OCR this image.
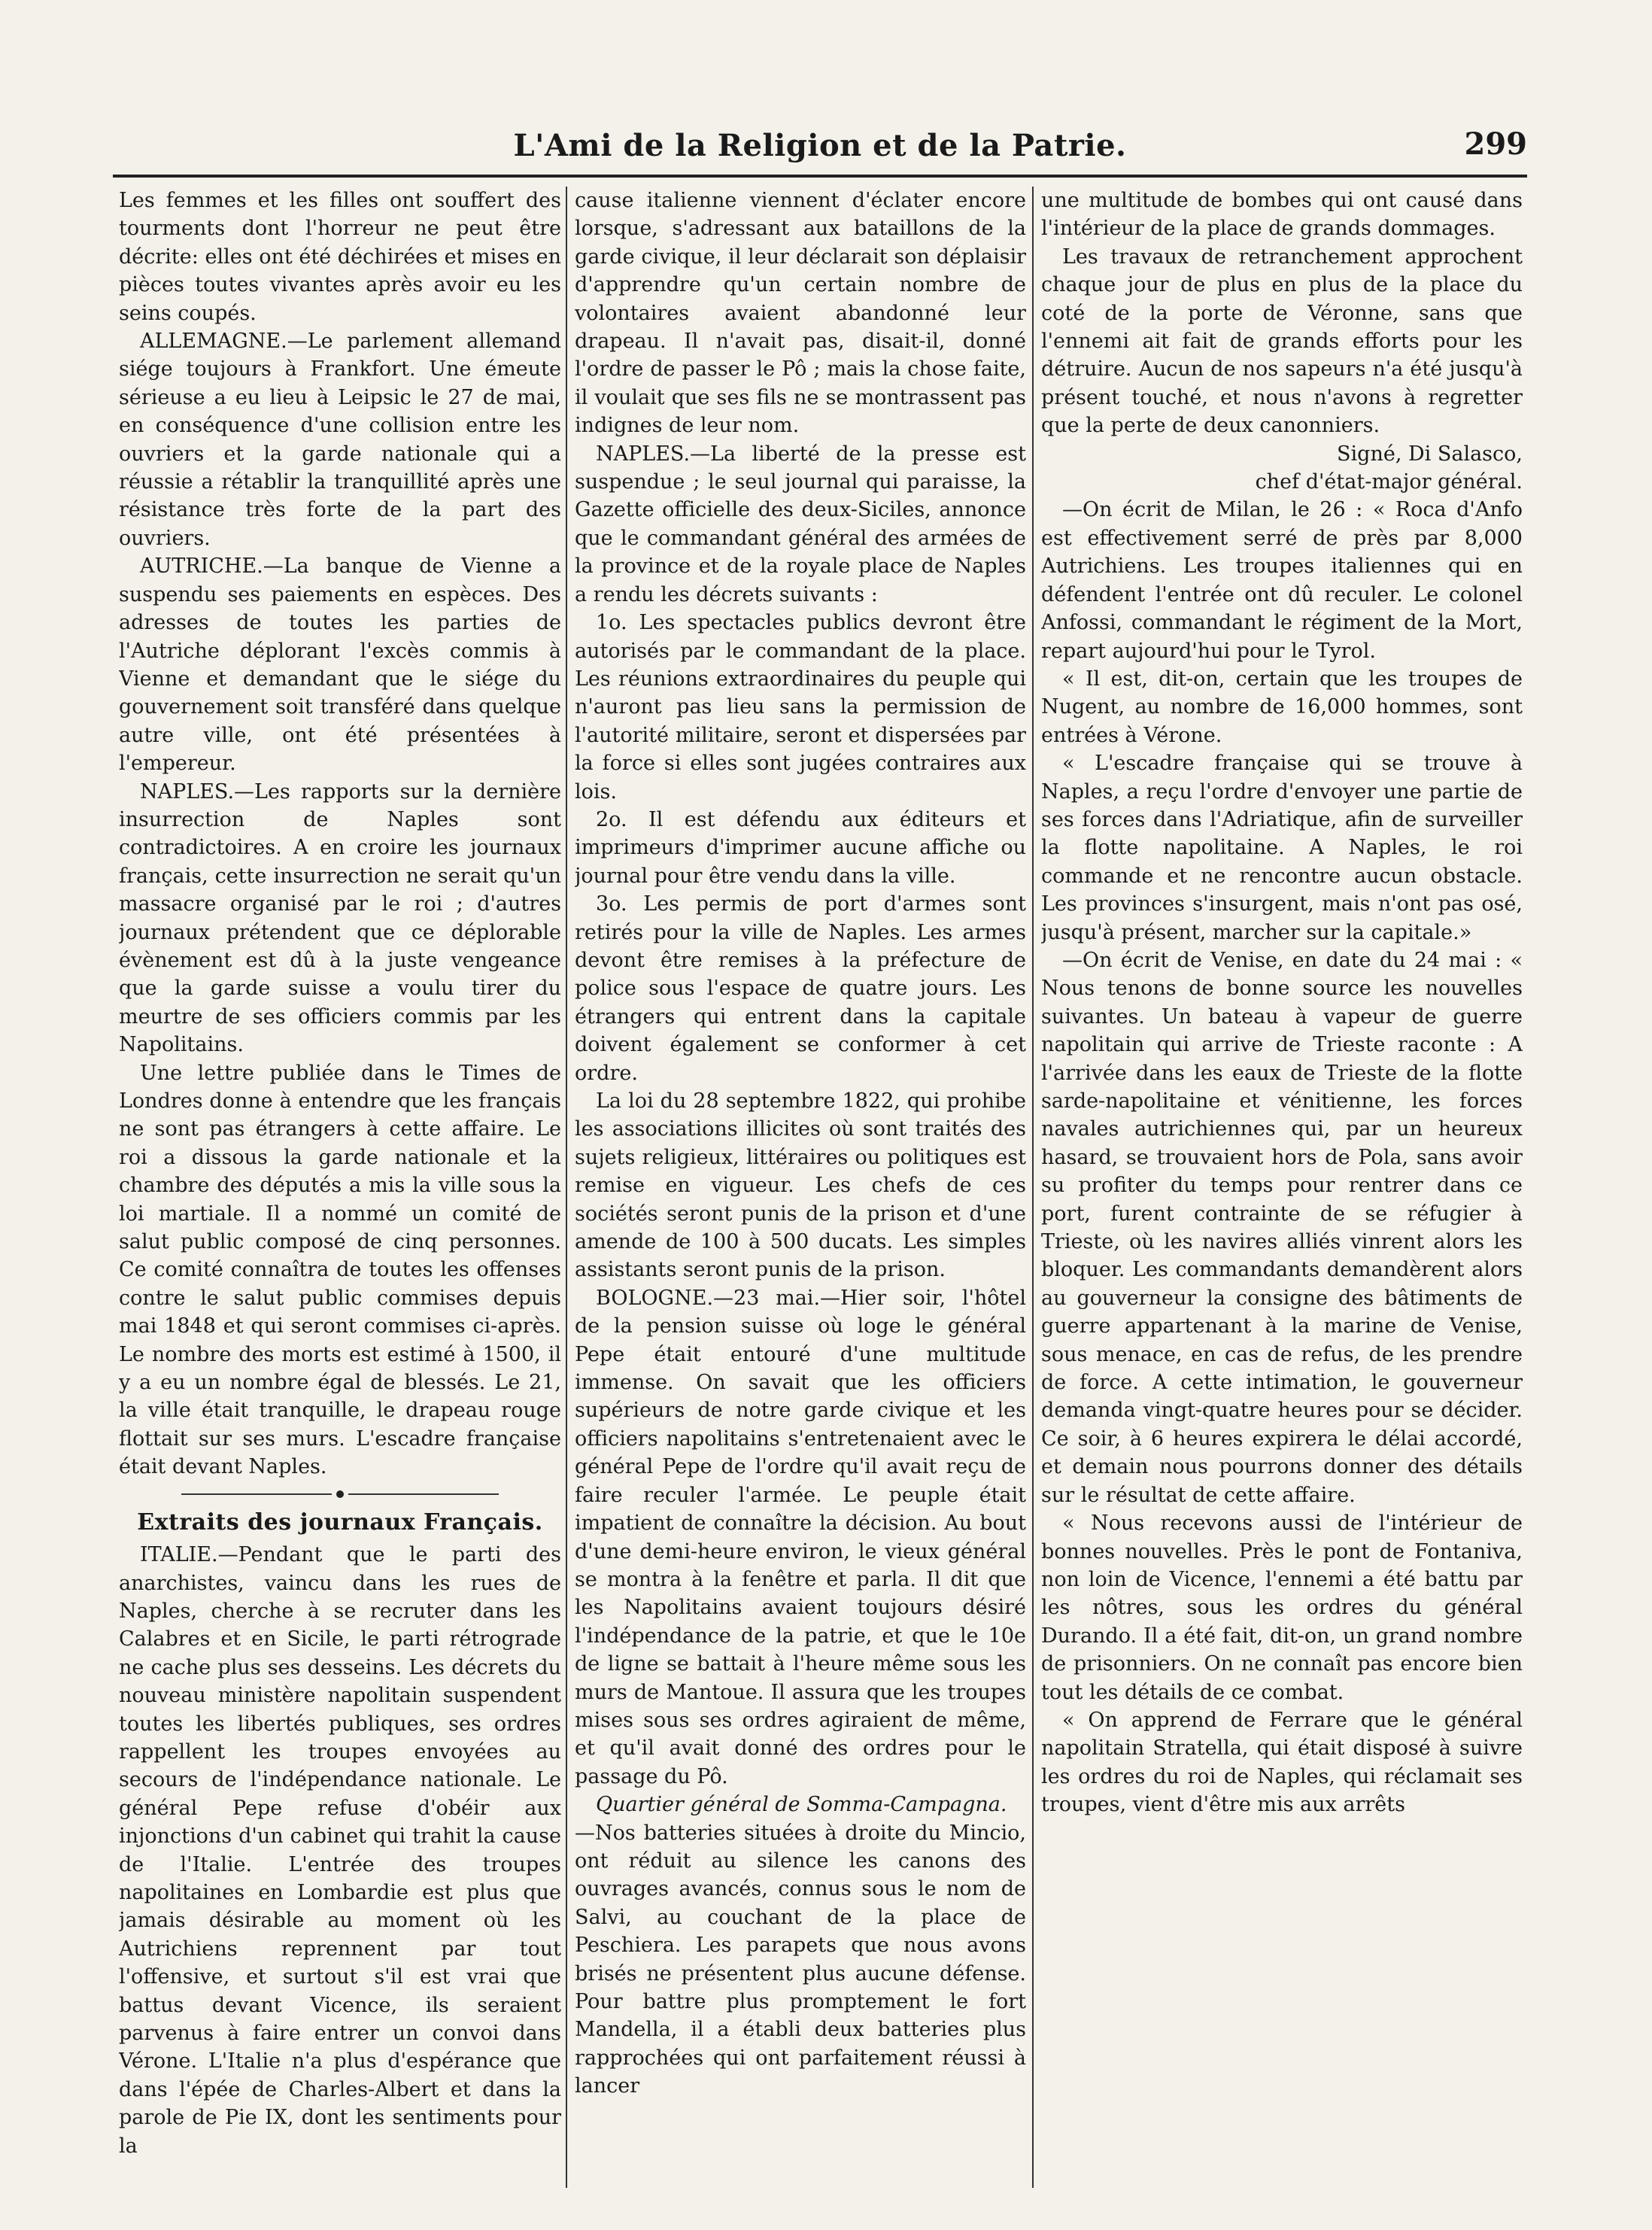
L'Ami de la Religion et de la Patrie.	299

Les femmes et les filles ont souffert des tourments dont l'horreur ne peut être décrite: elles ont été déchirées et mises en pièces toutes vivantes après avoir eu les seins coupés.

ALLEMAGNE.—Le parlement allemand siége toujours à Frankfort. Une émeute sérieuse a eu lieu à Leipsic le 27 de mai, en conséquence d'une collision entre les ouvriers et la garde nationale qui a réussie a rétablir la tranquillité après une résistance très forte de la part des ouvriers.

AUTRICHE.—La banque de Vienne a suspendu ses paiements en espèces. Des adresses de toutes les parties de l'Autriche déplorant l'excès commis à Vienne et demandant que le siége du gouvernement soit transféré dans quelque autre ville, ont été présentées à l'empereur.

NAPLES.—Les rapports sur la dernière insurrection de Naples sont contradictoires. A en croire les journaux français, cette insurrection ne serait qu'un massacre organisé par le roi ; d'autres journaux prétendent que ce déplorable évènement est dû à la juste vengeance que la garde suisse a voulu tirer du meurtre de ses officiers commis par les Napolitains.

Une lettre publiée dans le Times de Londres donne à entendre que les français ne sont pas étrangers à cette affaire. Le roi a dissous la garde nationale et la chambre des députés a mis la ville sous la loi martiale. Il a nommé un comité de salut public composé de cinq personnes. Ce comité connaîtra de toutes les offenses contre le salut public commises depuis mai 1848 et qui seront commises ci-après. Le nombre des morts est estimé à 1500, il y a eu un nombre égal de blessés. Le 21, la ville était tranquille, le drapeau rouge flottait sur ses murs. L'escadre française était devant Naples.

Extraits des journaux Français.

ITALIE.—Pendant que le parti des anarchistes, vaincu dans les rues de Naples, cherche à se recruter dans les Calabres et en Sicile, le parti rétrograde ne cache plus ses desseins. Les décrets du nouveau ministère napolitain suspendent toutes les libertés publiques, ses ordres rappellent les troupes envoyées au secours de l'indépendance nationale. Le général Pepe refuse d'obéir aux injonctions d'un cabinet qui trahit la cause de l'Italie. L'entrée des troupes napolitaines en Lombardie est plus que jamais désirable au moment où les Autrichiens reprennent par tout l'offensive, et surtout s'il est vrai que battus devant Vicence, ils seraient parvenus à faire entrer un convoi dans Vérone. L'Italie n'a plus d'espérance que dans l'épée de Charles-Albert et dans la parole de Pie IX, dont les sentiments pour la

cause italienne viennent d'éclater encore lorsque, s'adressant aux bataillons de la garde civique, il leur déclarait son déplaisir d'apprendre qu'un certain nombre de volontaires avaient abandonné leur drapeau. Il n'avait pas, disait-il, donné l'ordre de passer le Pô ; mais la chose faite, il voulait que ses fils ne se montrassent pas indignes de leur nom.

NAPLES.—La liberté de la presse est suspendue ; le seul journal qui paraisse, la Gazette officielle des deux-Siciles, annonce que le commandant général des armées de la province et de la royale place de Naples a rendu les décrets suivants :

1o. Les spectacles publics devront être autorisés par le commandant de la place. Les réunions extraordinaires du peuple qui n'auront pas lieu sans la permission de l'autorité militaire, seront et dispersées par la force si elles sont jugées contraires aux lois.

2o. Il est défendu aux éditeurs et imprimeurs d'imprimer aucune affiche ou journal pour être vendu dans la ville.

3o. Les permis de port d'armes sont retirés pour la ville de Naples. Les armes devont être remises à la préfecture de police sous l'espace de quatre jours. Les étrangers qui entrent dans la capitale doivent également se conformer à cet ordre.

La loi du 28 septembre 1822, qui prohibe les associations illicites où sont traités des sujets religieux, littéraires ou politiques est remise en vigueur. Les chefs de ces sociétés seront punis de la prison et d'une amende de 100 à 500 ducats. Les simples assistants seront punis de la prison.

BOLOGNE.—23 mai.—Hier soir, l'hôtel de la pension suisse où loge le général Pepe était entouré d'une multitude immense. On savait que les officiers supérieurs de notre garde civique et les officiers napolitains s'entretenaient avec le général Pepe de l'ordre qu'il avait reçu de faire reculer l'armée. Le peuple était impatient de connaître la décision. Au bout d'une demi-heure environ, le vieux général se montra à la fenêtre et parla. Il dit que les Napolitains avaient toujours désiré l'indépendance de la patrie, et que le 10e de ligne se battait à l'heure même sous les murs de Mantoue. Il assura que les troupes mises sous ses ordres agiraient de même, et qu'il avait donné des ordres pour le passage du Pô.

Quartier général de Somma-Campagna.

—Nos batteries situées à droite du Mincio, ont réduit au silence les canons des ouvrages avancés, connus sous le nom de Salvi, au couchant de la place de Peschiera. Les parapets que nous avons brisés ne présentent plus aucune défense. Pour battre plus promptement le fort Mandella, il a établi deux batteries plus rapprochées qui ont parfaitement réussi à lancer

une multitude de bombes qui ont causé dans l'intérieur de la place de grands dommages.

Les travaux de retranchement approchent chaque jour de plus en plus de la place du coté de la porte de Véronne, sans que l'ennemi ait fait de grands efforts pour les détruire. Aucun de nos sapeurs n'a été jusqu'à présent touché, et nous n'avons à regretter que la perte de deux canonniers.

Signé, Di Salasco,

chef d'état-major général.

—On écrit de Milan, le 26 : « Roca d'Anfo est effectivement serré de près par 8,000 Autrichiens. Les troupes italiennes qui en défendent l'entrée ont dû reculer. Le colonel Anfossi, commandant le régiment de la Mort, repart aujourd'hui pour le Tyrol.

« Il est, dit-on, certain que les troupes de Nugent, au nombre de 16,000 hommes, sont entrées à Vérone.

« L'escadre française qui se trouve à Naples, a reçu l'ordre d'envoyer une partie de ses forces dans l'Adriatique, afin de surveiller la flotte napolitaine. A Naples, le roi commande et ne rencontre aucun obstacle. Les provinces s'insurgent, mais n'ont pas osé, jusqu'à présent, marcher sur la capitale.»

—On écrit de Venise, en date du 24 mai : « Nous tenons de bonne source les nouvelles suivantes. Un bateau à vapeur de guerre napolitain qui arrive de Trieste raconte : A l'arrivée dans les eaux de Trieste de la flotte sarde-napolitaine et vénitienne, les forces navales autrichiennes qui, par un heureux hasard, se trouvaient hors de Pola, sans avoir su profiter du temps pour rentrer dans ce port, furent contrainte de se réfugier à Trieste, où les navires alliés vinrent alors les bloquer. Les commandants demandèrent alors au gouverneur la consigne des bâtiments de guerre appartenant à la marine de Venise, sous menace, en cas de refus, de les prendre de force. A cette intimation, le gouverneur demanda vingt-quatre heures pour se décider. Ce soir, à 6 heures expirera le délai accordé, et demain nous pourrons donner des détails sur le résultat de cette affaire.

« Nous recevons aussi de l'intérieur de bonnes nouvelles. Près le pont de Fontaniva, non loin de Vicence, l'ennemi a été battu par les nôtres, sous les ordres du général Durando. Il a été fait, dit-on, un grand nombre de prisonniers. On ne connaît pas encore bien tout les détails de ce combat.

« On apprend de Ferrare que le général napolitain Stratella, qui était disposé à suivre les ordres du roi de Naples, qui réclamait ses troupes, vient d'être mis aux arrêts
